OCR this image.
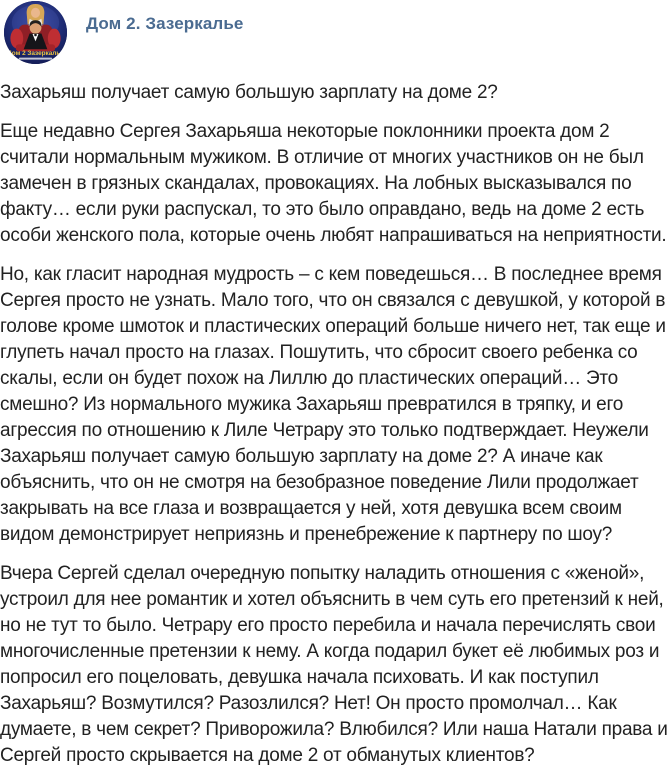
Дом 2 Зазеркалье
Дом 2. Зазеркалье

Захарьяш получает самую большую зарплату на доме 2?

Еще недавно Сергея Захарьяша некоторые поклонники проекта дом 2 считали нормальным мужиком. В отличие от многих участников он не был замечен в грязных скандалах, провокациях. На лобных высказывался по факту… если руки распускал, то это было оправдано, ведь на доме 2 есть особи женского пола, которые очень любят напрашиваться на неприятности.

Но, как гласит народная мудрость – с кем поведешься… В последнее время Сергея просто не узнать. Мало того, что он связался с девушкой, у которой в голове кроме шмоток и пластических операций больше ничего нет, так еще и глупеть начал просто на глазах. Пошутить, что сбросит своего ребенка со скалы, если он будет похож на Лиллю до пластических операций… Это смешно? Из нормального мужика Захарьяш превратился в тряпку, и его агрессия по отношению к Лиле Четрару это только подтверждает. Неужели Захарьяш получает самую большую зарплату на доме 2? А иначе как объяснить, что он не смотря на безобразное поведение Лили продолжает закрывать на все глаза и возвращается у ней, хотя девушка всем своим видом демонстрирует неприязнь и пренебрежение к партнеру по шоу?

Вчера Сергей сделал очередную попытку наладить отношения с «женой», устроил для нее романтик и хотел объяснить в чем суть его претензий к ней, но не тут то было. Четрару его просто перебила и начала перечислять свои многочисленные претензии к нему. А когда подарил букет её любимых роз и попросил его поцеловать, девушка начала психовать. И как поступил Захарьяш? Возмутился? Разозлился? Нет! Он просто промолчал… Как думаете, в чем секрет? Приворожила? Влюбился? Или наша Натали права и Сергей просто скрывается на доме 2 от обманутых клиентов?
